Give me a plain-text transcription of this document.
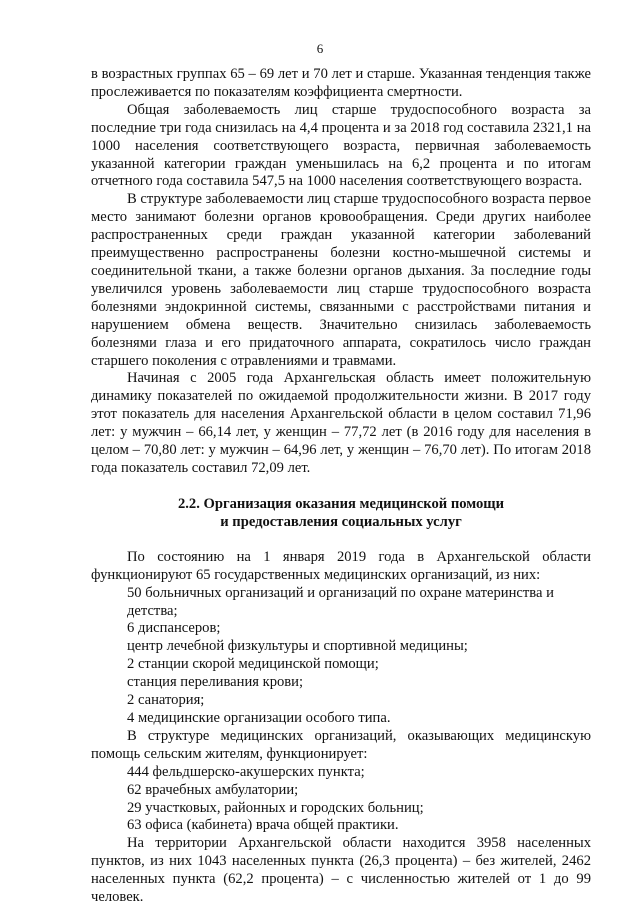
6

в возрастных группах 65 – 69 лет и 70 лет и старше. Указанная тенденция также прослеживается по показателям коэффициента смертности.

Общая заболеваемость лиц старше трудоспособного возраста за последние три года снизилась на 4,4 процента и за 2018 год составила 2321,1 на 1000 населения соответствующего возраста, первичная заболеваемость указанной категории граждан уменьшилась на 6,2 процента и по итогам отчетного года составила 547,5 на 1000 населения соответствующего возраста.

В структуре заболеваемости лиц старше трудоспособного возраста первое место занимают болезни органов кровообращения. Среди других наиболее распространенных среди граждан указанной категории заболеваний преимущественно распространены болезни костно-мышечной системы и соединительной ткани, а также болезни органов дыхания. За последние годы увеличился уровень заболеваемости лиц старше трудоспособного возраста болезнями эндокринной системы, связанными с расстройствами питания и нарушением обмена веществ. Значительно снизилась заболеваемость болезнями глаза и его придаточного аппарата, сократилось число граждан старшего поколения с отравлениями и травмами.

Начиная с 2005 года Архангельская область имеет положительную динамику показателей по ожидаемой продолжительности жизни. В 2017 году этот показатель для населения Архангельской области в целом составил 71,96 лет: у мужчин – 66,14 лет, у женщин – 77,72 лет (в 2016 году для населения в целом – 70,80 лет: у мужчин – 64,96 лет, у женщин – 76,70 лет). По итогам 2018 года показатель составил 72,09 лет.

2.2. Организация оказания медицинской помощи
и предоставления социальных услуг

По состоянию на 1 января 2019 года в Архангельской области функционируют 65 государственных медицинских организаций, из них:

50 больничных организаций и организаций по охране материнства и детства;
6 диспансеров;
центр лечебной физкультуры и спортивной медицины;
2 станции скорой медицинской помощи;
станция переливания крови;
2 санатория;
4 медицинские организации особого типа.

В структуре медицинских организаций, оказывающих медицинскую помощь сельским жителям, функционирует:

444 фельдшерско-акушерских пункта;
62 врачебных амбулатории;
29 участковых, районных и городских больниц;
63 офиса (кабинета) врача общей практики.

На территории Архангельской области находится 3958 населенных пунктов, из них 1043 населенных пункта (26,3 процента) – без жителей, 2462 населенных пункта (62,2 процента) – с численностью жителей от 1 до 99 человек.
